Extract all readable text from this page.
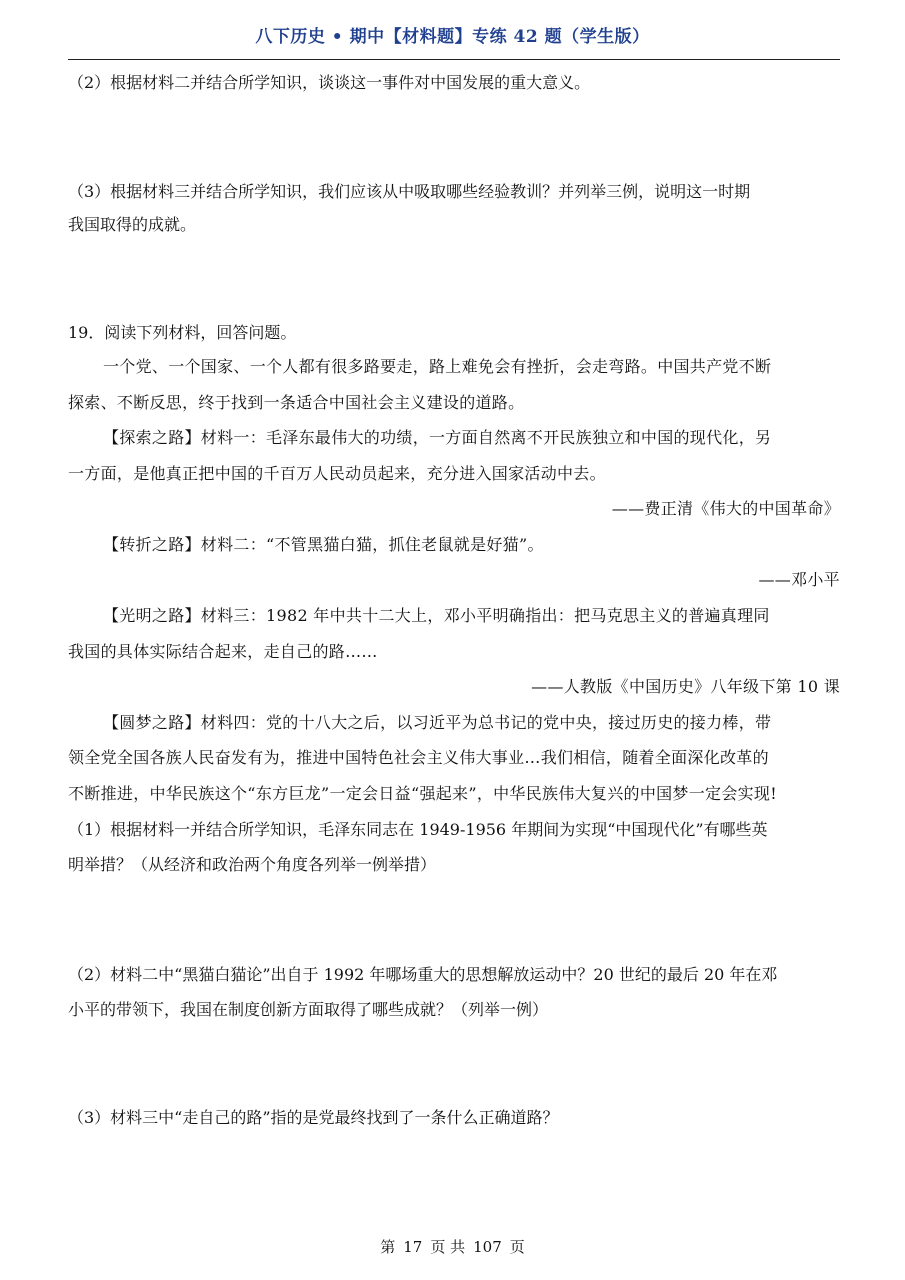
八下历史 • 期中【材料题】专练 42 题（学生版）
（2）根据材料二并结合所学知识，谈谈这一事件对中国发展的重大意义。
（3）根据材料三并结合所学知识，我们应该从中吸取哪些经验教训？并列举三例，说明这一时期
我国取得的成就。
19．阅读下列材料，回答问题。
一个党、一个国家、一个人都有很多路要走，路上难免会有挫折，会走弯路。中国共产党不断
探索、不断反思，终于找到一条适合中国社会主义建设的道路。
【探索之路】材料一：毛泽东最伟大的功绩，一方面自然离不开民族独立和中国的现代化，另
一方面，是他真正把中国的千百万人民动员起来，充分进入国家活动中去。
——费正清《伟大的中国革命》
【转折之路】材料二：“不管黑猫白猫，抓住老鼠就是好猫”。
——邓小平
【光明之路】材料三：1982 年中共十二大上，邓小平明确指出：把马克思主义的普遍真理同
我国的具体实际结合起来，走自己的路……
——人教版《中国历史》八年级下第 10 课
【圆梦之路】材料四：党的十八大之后，以习近平为总书记的党中央，接过历史的接力棒，带
领全党全国各族人民奋发有为，推进中国特色社会主义伟大事业…我们相信，随着全面深化改革的
不断推进，中华民族这个“东方巨龙”一定会日益“强起来”，中华民族伟大复兴的中国梦一定会实现!
（1）根据材料一并结合所学知识，毛泽东同志在 1949-1956 年期间为实现“中国现代化”有哪些英
明举措？（从经济和政治两个角度各列举一例举措）
（2）材料二中“黑猫白猫论”出自于 1992 年哪场重大的思想解放运动中？20 世纪的最后 20 年在邓
小平的带领下，我国在制度创新方面取得了哪些成就？（列举一例）
（3）材料三中“走自己的路”指的是党最终找到了一条什么正确道路？
第 17 页 共 107 页
